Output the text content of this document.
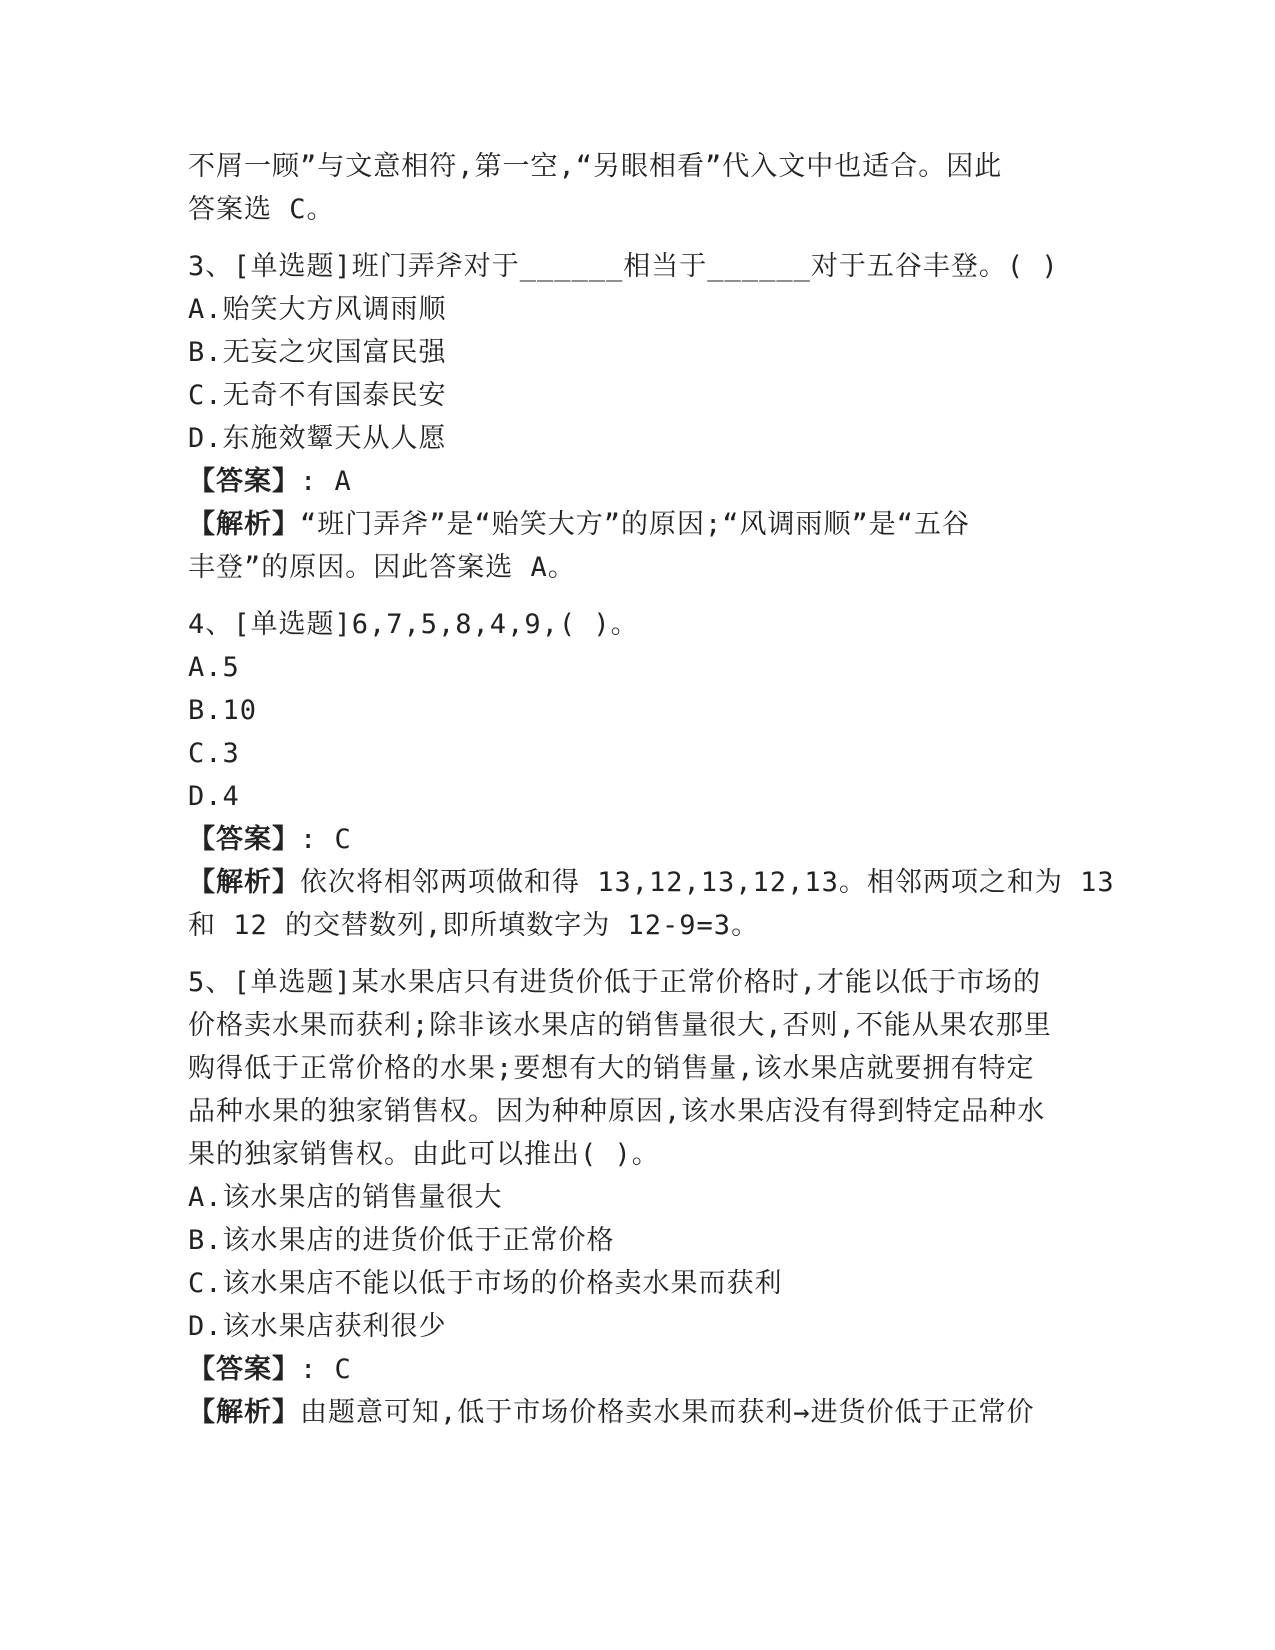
不屑一顾”与文意相符,第一空,“另眼相看”代入文中也适合。因此
答案选 C。
3、[单选题]班门弄斧对于______相当于______对于五谷丰登。( )
A.贻笑大方风调雨顺
B.无妄之灾国富民强
C.无奇不有国泰民安
D.东施效颦天从人愿
【答案】: A
【解析】“班门弄斧”是“贻笑大方”的原因;“风调雨顺”是“五谷
丰登”的原因。因此答案选 A。
4、[单选题]6,7,5,8,4,9,( )。
A.5
B.10
C.3
D.4
【答案】: C
【解析】依次将相邻两项做和得 13,12,13,12,13。相邻两项之和为 13
和 12 的交替数列,即所填数字为 12-9=3。
5、[单选题]某水果店只有进货价低于正常价格时,才能以低于市场的
价格卖水果而获利;除非该水果店的销售量很大,否则,不能从果农那里
购得低于正常价格的水果;要想有大的销售量,该水果店就要拥有特定
品种水果的独家销售权。因为种种原因,该水果店没有得到特定品种水
果的独家销售权。由此可以推出( )。
A.该水果店的销售量很大
B.该水果店的进货价低于正常价格
C.该水果店不能以低于市场的价格卖水果而获利
D.该水果店获利很少
【答案】: C
【解析】由题意可知,低于市场价格卖水果而获利→进货价低于正常价
